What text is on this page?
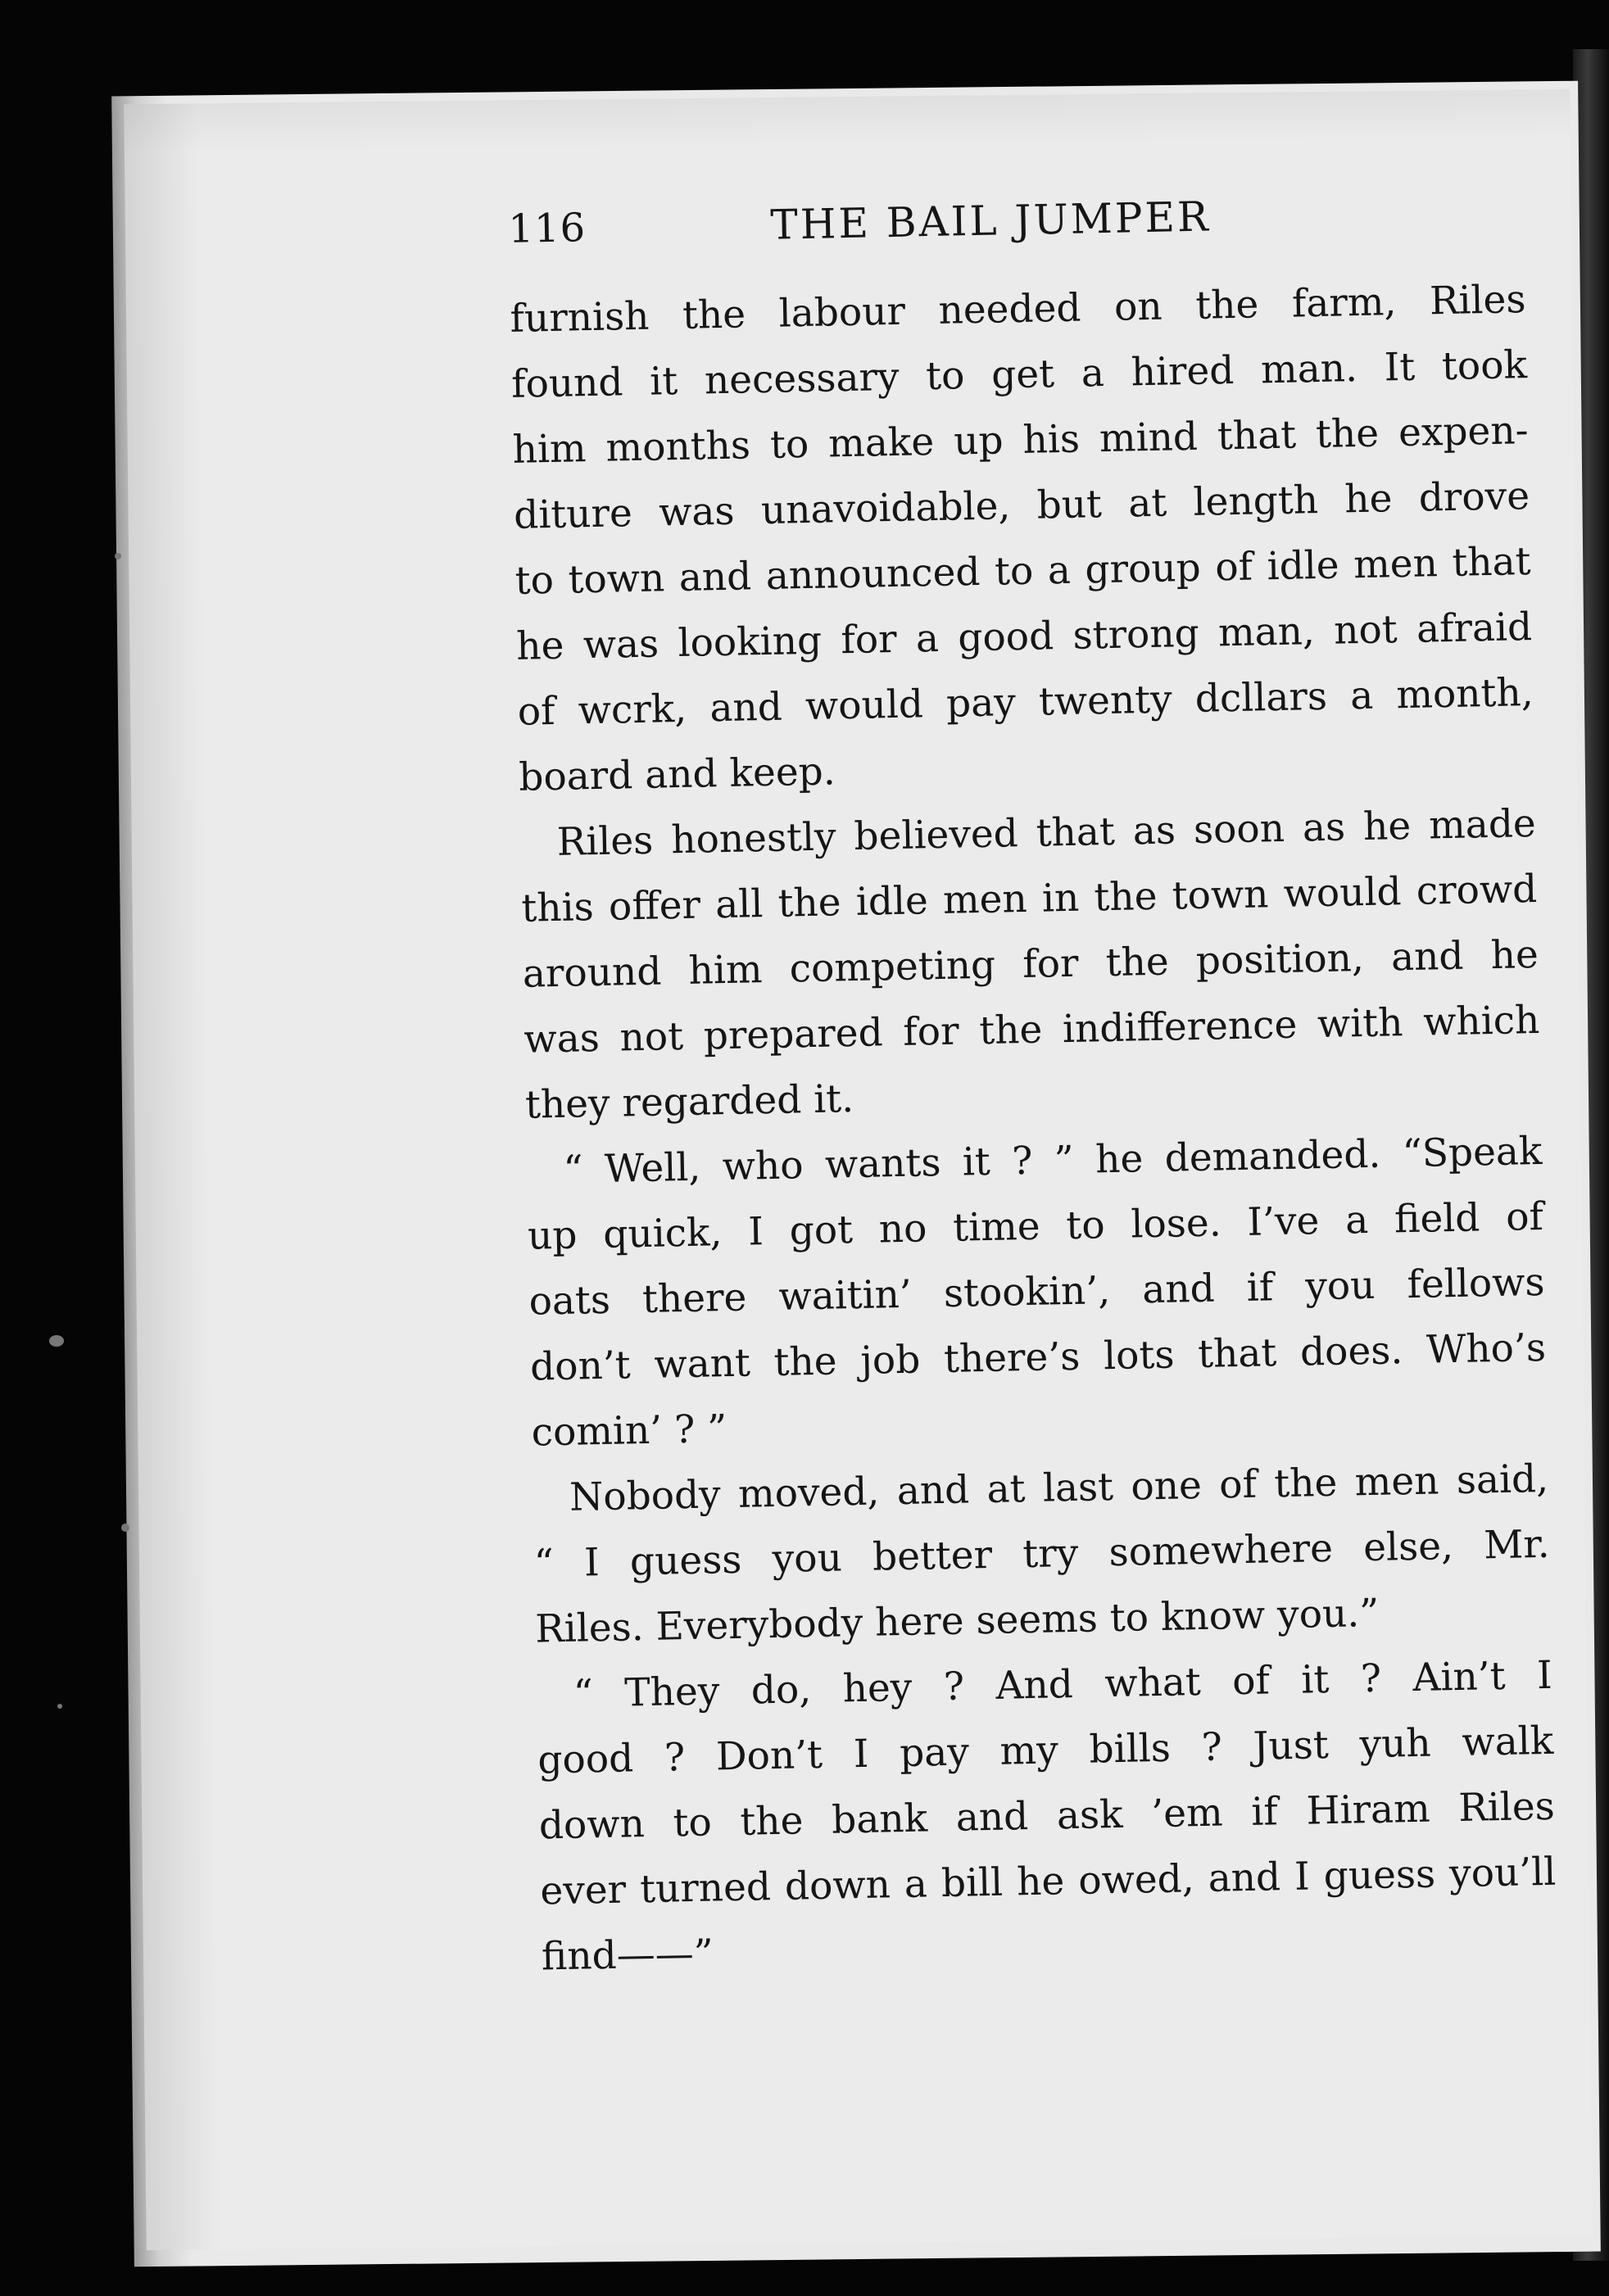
116	THE BAIL JUMPER
furnish the labour needed on the farm, Riles
found it necessary to get a hired man. It took
him months to make up his mind that the expen-
diture was unavoidable, but at length he drove
to town and announced to a group of idle men that
he was looking for a good strong man, not afraid
of wcrk, and would pay twenty dcllars a month,
board and keep.
Riles honestly believed that as soon as he made
this offer all the idle men in the town would crowd
around him competing for the position, and he
was not prepared for the indifference with which
they regarded it.
“ Well, who wants it ? ” he demanded. “Speak
up quick, I got no time to lose. I’ve a field of
oats there waitin’ stookin’, and if you fellows
don’t want the job there’s lots that does. Who’s
comin’ ? ”
Nobody moved, and at last one of the men said,
“ I guess you better try somewhere else, Mr.
Riles. Everybody here seems to know you.”
“ They do, hey ? And what of it ? Ain’t I
good ? Don’t I pay my bills ? Just yuh walk
down to the bank and ask ’em if Hiram Riles
ever turned down a bill he owed, and I guess you’ll
find——”
